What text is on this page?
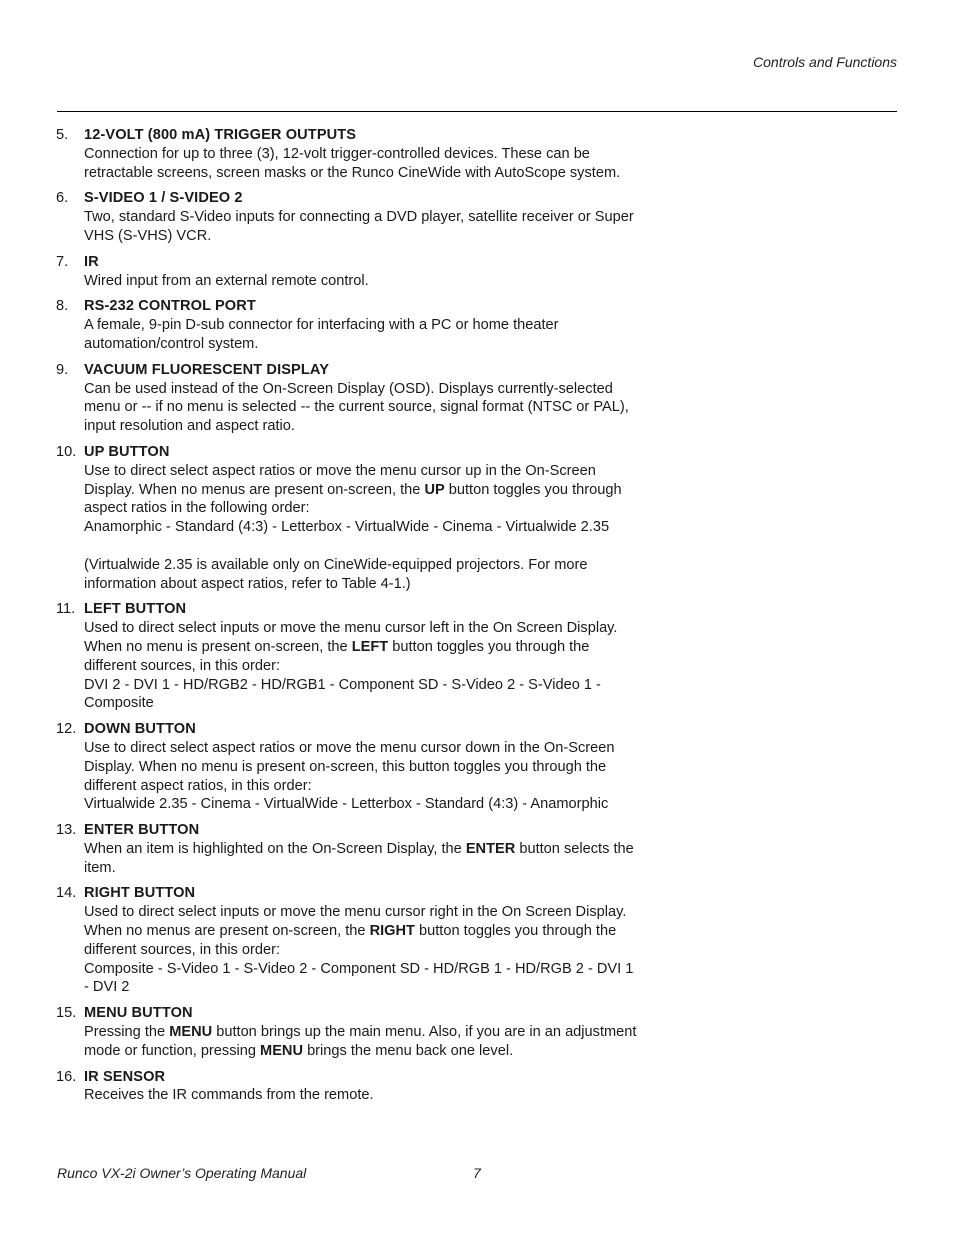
Controls and Functions
5.	12-VOLT (800 mA) TRIGGER OUTPUTS
Connection for up to three (3), 12-volt trigger-controlled devices. These can be
retractable screens, screen masks or the Runco CineWide with AutoScope system.
6.	S-VIDEO 1 / S-VIDEO 2
Two, standard S-Video inputs for connecting a DVD player, satellite receiver or Super
VHS (S-VHS) VCR.
7.	IR
Wired input from an external remote control.
8.	RS-232 CONTROL PORT
A female, 9-pin D-sub connector for interfacing with a PC or home theater
automation/control system.
9.	VACUUM FLUORESCENT DISPLAY
Can be used instead of the On-Screen Display (OSD). Displays currently-selected
menu or -- if no menu is selected -- the current source, signal format (NTSC or PAL),
input resolution and aspect ratio.
10. UP BUTTON
Use to direct select aspect ratios or move the menu cursor up in the On-Screen
Display. When no menus are present on-screen, the UP button toggles you through
aspect ratios in the following order:
Anamorphic - Standard (4:3) - Letterbox - VirtualWide - Cinema - Virtualwide 2.35
(Virtualwide 2.35 is available only on CineWide-equipped projectors. For more
information about aspect ratios, refer to Table 4-1.)
11. LEFT BUTTON
Used to direct select inputs or move the menu cursor left in the On Screen Display.
When no menu is present on-screen, the LEFT button toggles you through the
different sources, in this order:
DVI 2 - DVI 1 - HD/RGB2 - HD/RGB1 - Component SD - S-Video 2 - S-Video 1 -
Composite
12. DOWN BUTTON
Use to direct select aspect ratios or move the menu cursor down in the On-Screen
Display. When no menu is present on-screen, this button toggles you through the
different aspect ratios, in this order:
Virtualwide 2.35 - Cinema - VirtualWide - Letterbox - Standard (4:3) - Anamorphic
13. ENTER BUTTON
When an item is highlighted on the On-Screen Display, the ENTER button selects the
item.
14. RIGHT BUTTON
Used to direct select inputs or move the menu cursor right in the On Screen Display.
When no menus are present on-screen, the RIGHT button toggles you through the
different sources, in this order:
Composite - S-Video 1 - S-Video 2 - Component SD - HD/RGB 1 - HD/RGB 2 - DVI 1
- DVI 2
15. MENU BUTTON
Pressing the MENU button brings up the main menu. Also, if you are in an adjustment
mode or function, pressing MENU brings the menu back one level.
16. IR SENSOR
Receives the IR commands from the remote.
Runco VX-2i Owner’s Operating Manual	7
